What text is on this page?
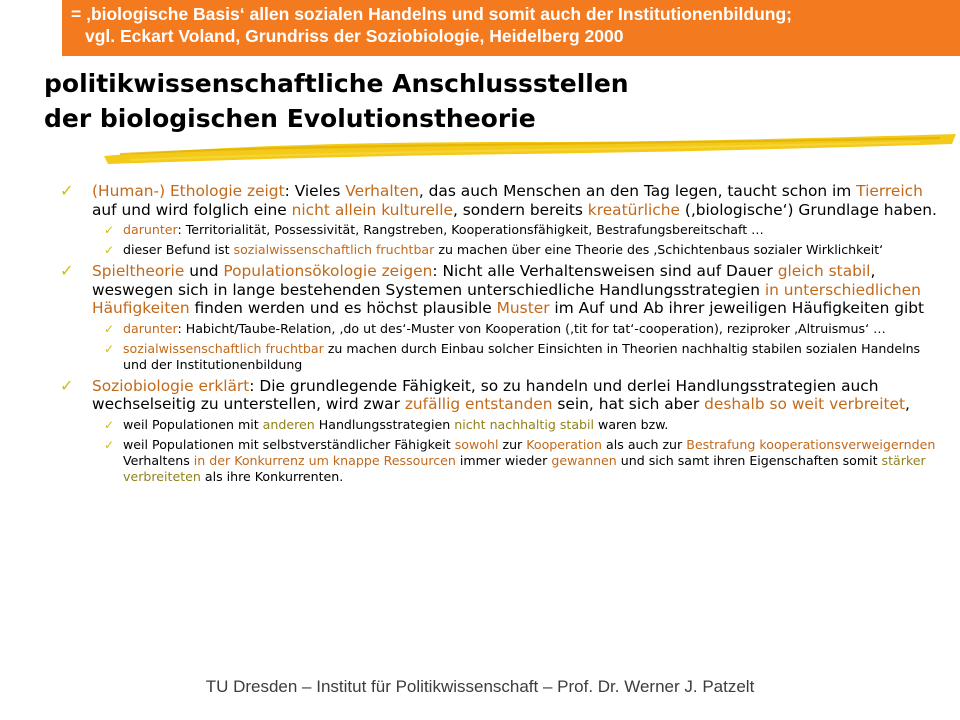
= ‚biologische Basis‘ allen sozialen Handelns und somit auch der Institutionenbildung;
vgl. Eckart Voland, Grundriss der Soziobiologie, Heidelberg 2000
politikwissenschaftliche Anschlussstellen
der biologischen Evolutionstheorie
✓ (Human-) Ethologie zeigt: Vieles Verhalten, das auch Menschen an den Tag legen, taucht schon im Tierreich auf und wird folglich eine nicht allein kulturelle, sondern bereits kreatürliche (‚biologische‘) Grundlage haben.
✓ darunter: Territorialität, Possessivität, Rangstreben, Kooperationsfähigkeit, Bestrafungsbereitschaft …
✓ dieser Befund ist sozialwissenschaftlich fruchtbar zu machen über eine Theorie des ‚Schichtenbaus sozialer Wirklichkeit‘
✓ Spieltheorie und Populationsökologie zeigen: Nicht alle Verhaltensweisen sind auf Dauer gleich stabil, weswegen sich in lange bestehenden Systemen unterschiedliche Handlungsstrategien in unterschiedlichen Häufigkeiten finden werden und es höchst plausible Muster im Auf und Ab ihrer jeweiligen Häufigkeiten gibt
✓ darunter: Habicht/Taube-Relation, ‚do ut des‘-Muster von Kooperation (‚tit for tat‘-cooperation), reziproker ‚Altruismus‘ …
✓ sozialwissenschaftlich fruchtbar zu machen durch Einbau solcher Einsichten in Theorien nachhaltig stabilen sozialen Handelns und der Institutionenbildung
✓ Soziobiologie erklärt: Die grundlegende Fähigkeit, so zu handeln und derlei Handlungsstrategien auch wechselseitig zu unterstellen, wird zwar zufällig entstanden sein, hat sich aber deshalb so weit verbreitet,
✓ weil Populationen mit anderen Handlungsstrategien nicht nachhaltig stabil waren bzw.
✓ weil Populationen mit selbstverständlicher Fähigkeit sowohl zur Kooperation als auch zur Bestrafung kooperationsverweigernden Verhaltens in der Konkurrenz um knappe Ressourcen immer wieder gewannen und sich samt ihren Eigenschaften somit stärker verbreiteten als ihre Konkurrenten.
TU Dresden – Institut für Politikwissenschaft – Prof. Dr. Werner J. Patzelt
